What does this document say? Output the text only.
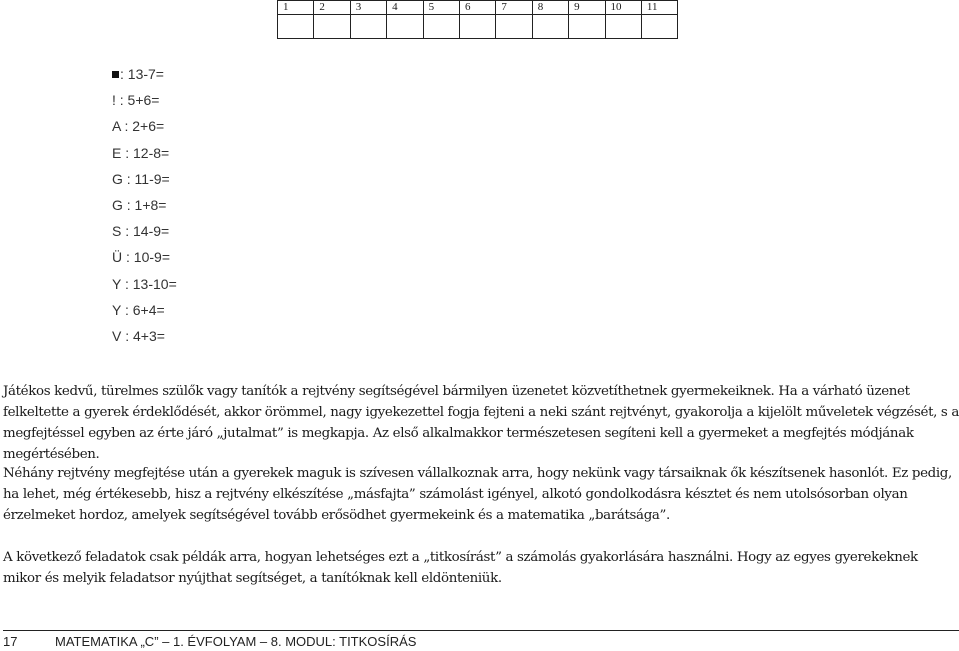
1	2	3	4	5	6	7	8	9	10	11

: 13-7=
! : 5+6=
A : 2+6=
E : 12-8=
G : 11-9=
G : 1+8=
S : 14-9=
Ü : 10-9=
Y : 13-10=
Y : 6+4=
V : 4+3=

Játékos kedvű, türelmes szülők vagy tanítók a rejtvény segítségével bármilyen üzenetet közvetíthetnek gyermekeiknek. Ha a várható üzenet felkeltette a gyerek érdeklődését, akkor örömmel, nagy igyekezettel fogja fejteni a neki szánt rejtvényt, gyakorolja a kijelölt műveletek végzését, s a megfejtéssel egyben az érte járó „jutalmat” is megkapja. Az első alkalmakkor természetesen segíteni kell a gyermeket a megfejtés módjának megértésében.

Néhány rejtvény megfejtése után a gyerekek maguk is szívesen vállalkoznak arra, hogy nekünk vagy társaiknak ők készítsenek hasonlót. Ez pedig, ha lehet, még értékesebb, hisz a rejtvény elkészítése „másfajta” számolást igényel, alkotó gondolkodásra késztet és nem utolsósorban olyan érzelmeket hordoz, amelyek segítségével tovább erősödhet gyermekeink és a matematika „barátsága”.

A következő feladatok csak példák arra, hogyan lehetséges ezt a „titkosírást” a számolás gyakorlására használni. Hogy az egyes gyerekeknek mikor és melyik feladatsor nyújthat segítséget, a tanítóknak kell eldönteniük.

17	MATEMATIKA „C” – 1. ÉVFOLYAM – 8. MODUL: TITKOSÍRÁS
